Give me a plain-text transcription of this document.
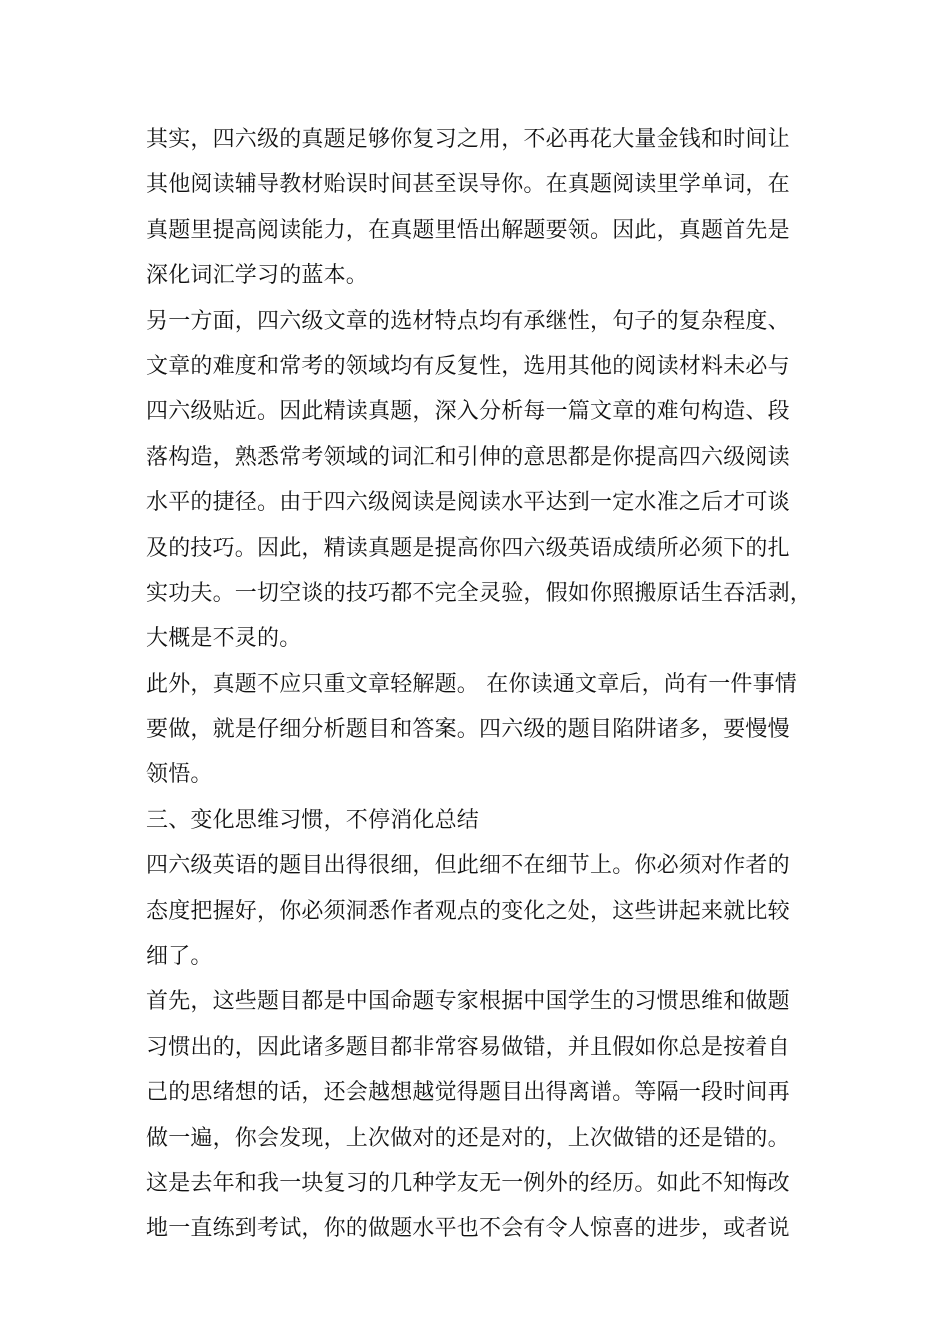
其实，四六级的真题足够你复习之用，不必再花大量金钱和时间让
其他阅读辅导教材贻误时间甚至误导你。在真题阅读里学单词，在
真题里提高阅读能力，在真题里悟出解题要领。因此，真题首先是
深化词汇学习的蓝本。
另一方面，四六级文章的选材特点均有承继性，句子的复杂程度、
文章的难度和常考的领域均有反复性，选用其他的阅读材料未必与
四六级贴近。因此精读真题，深入分析每一篇文章的难句构造、段
落构造，熟悉常考领域的词汇和引伸的意思都是你提高四六级阅读
水平的捷径。由于四六级阅读是阅读水平达到一定水准之后才可谈
及的技巧。因此，精读真题是提高你四六级英语成绩所必须下的扎
实功夫。一切空谈的技巧都不完全灵验，假如你照搬原话生吞活剥，
大概是不灵的。
此外，真题不应只重文章轻解题。 在你读通文章后，尚有一件事情
要做，就是仔细分析题目和答案。四六级的题目陷阱诸多，要慢慢
领悟。
三、变化思维习惯，不停消化总结
四六级英语的题目出得很细，但此细不在细节上。你必须对作者的
态度把握好，你必须洞悉作者观点的变化之处，这些讲起来就比较
细了。
首先，这些题目都是中国命题专家根据中国学生的习惯思维和做题
习惯出的，因此诸多题目都非常容易做错，并且假如你总是按着自
己的思绪想的话，还会越想越觉得题目出得离谱。等隔一段时间再
做一遍，你会发现，上次做对的还是对的，上次做错的还是错的。
这是去年和我一块复习的几种学友无一例外的经历。如此不知悔改
地一直练到考试，你的做题水平也不会有令人惊喜的进步，或者说
